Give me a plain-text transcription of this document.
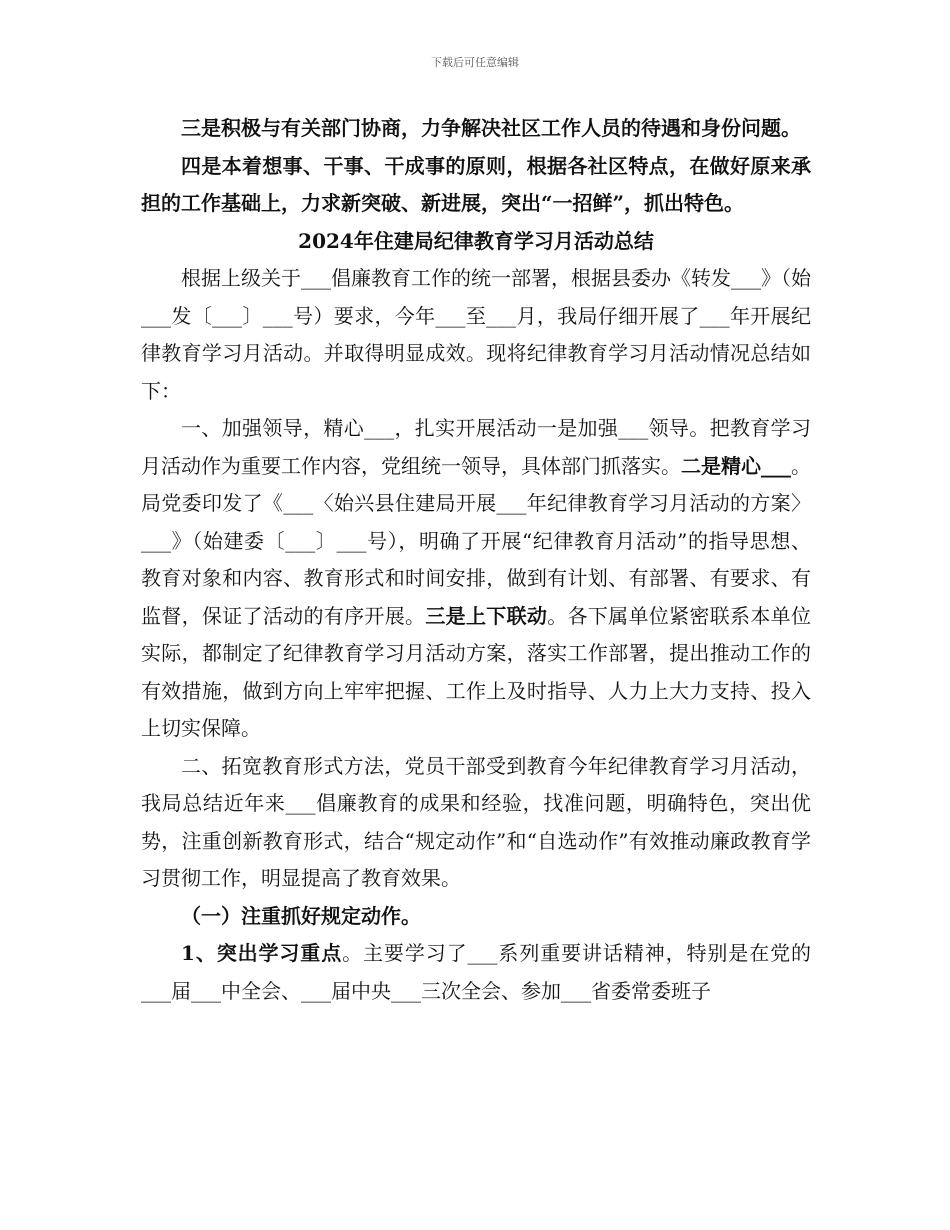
下载后可任意编辑

三是积极与有关部门协商，力争解决社区工作人员的待遇和身份问题。

四是本着想事、干事、干成事的原则，根据各社区特点，在做好原来承担的工作基础上，力求新突破、新进展，突出“一招鲜”，抓出特色。

2024年住建局纪律教育学习月活动总结

根据上级关于___倡廉教育工作的统一部署，根据县委办《转发___》（始___发〔___〕___号）要求，今年___至___月，我局仔细开展了___年开展纪律教育学习月活动。并取得明显成效。现将纪律教育学习月活动情况总结如下：

一、加强领导，精心___，扎实开展活动一是加强___领导。把教育学习月活动作为重要工作内容，党组统一领导，具体部门抓落实。二是精心___。局党委印发了《___〈始兴县住建局开展___年纪律教育学习月活动的方案〉___》（始建委〔___〕___号），明确了开展“纪律教育月活动”的指导思想、教育对象和内容、教育形式和时间安排，做到有计划、有部署、有要求、有监督，保证了活动的有序开展。三是上下联动。各下属单位紧密联系本单位实际，都制定了纪律教育学习月活动方案，落实工作部署，提出推动工作的有效措施，做到方向上牢牢把握、工作上及时指导、人力上大力支持、投入上切实保障。

二、拓宽教育形式方法，党员干部受到教育今年纪律教育学习月活动，我局总结近年来___倡廉教育的成果和经验，找准问题，明确特色，突出优势，注重创新教育形式，结合“规定动作”和“自选动作”有效推动廉政教育学习贯彻工作，明显提高了教育效果。

（一）注重抓好规定动作。

1、突出学习重点。主要学习了___系列重要讲话精神，特别是在党的___届___中全会、___届中央___三次全会、参加___省委常委班子
